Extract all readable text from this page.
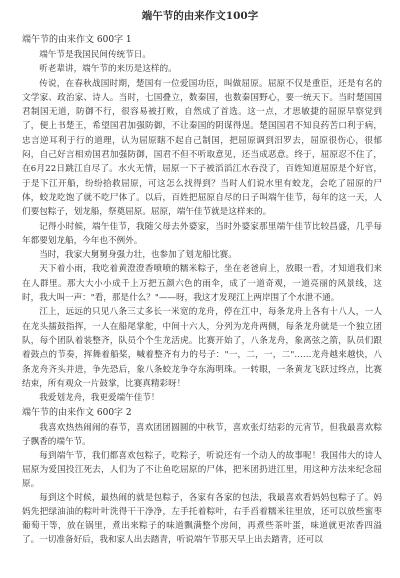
端午节的由来作文100字
端午节的由来作文 600字 1

端午节是我国民间传统节日。

听老辈讲，端午节的来历是这样的。

传说，在春秋战国时期，楚国有一位爱国功臣，叫做屈原。屈原不仅是重臣，还是有名的文学家、政治家、诗人。当时，七国叠立，数秦国，也数秦国野心，要一统天下。当时楚国国君制国无道，防御不行，很容易被打败，自然成了首选。这一点，才思敏捷的屈原早察觉到了，便上书楚王，希望国君加强防御，不让秦国的阴谋得逞。楚国国君不知良药苦口利于病，忠言逆耳利于行的道理，认为屈原瞎不起自己制国，把屈原调到汨罗去，屈原很伤心，很郁闷，自己好言相劝国君加强防御，国君不但不听取意见，还当成恶意。终于，屈原忍不住了，在6月22日跳江自尽了。水火无情，屈原一下子被滔滔江水吞没了，百姓知道屈原是个好官，于是下江开船，纷纷拾救屈原，可这怎么找得到？当时人们说水里有蛟龙，会吃了屈原的尸体，蛟龙吃饱了就不吃尸体了。以后，百姓把屈原自尽的日子叫端午佳节，每年的这一天，人们要包粽子，划龙船，祭奠屈原。屈原，端午佳节就是这样来的。

记得小时候，端午佳节，我随父母去外婆家，当时外婆家那里端午佳节比较昌盛，几乎每年都要划龙船，今年也不例外。

当时，我家大舅舅身强力壮，也参加了划龙船比赛。

天下着小雨，我吃着黄澄澄香喷喷的糯米粽子，坐在老爸肩上，放眼一看，才知道我们来在人群里。那大大小小成千上万把五颜六色的雨伞，成了一道奇观，一道亮丽的风景线，这时，我大叫一声："看，那是什么？"——呀，我这才发现江上两岸围了个水泄不通。

江上，远远的只见八条三丈多长一米宽的龙舟，停在江中，每条龙舟上各有十八人，一人在龙头擂鼓指挥，一人在船尾掌舵，中间十六人，分列为龙舟两侧，每条龙舟就是一个独立团队，每个团队着装整齐，队员个个生龙活虎。比赛开始了，八条龙舟，象离弦之箭，队员们跟着鼓点的节奏，挥舞着船桨，喊着整齐有力的号子："一，二，一，二"……龙舟越来越快，八条龙舟齐头并进，争先恐后，象八条蛟龙争夺东海明珠。一转眼，一条黄龙飞跃过终点，比赛结束，所有观众一片鼓掌，比赛真精彩呀！

我爱划龙舟，我更爱端午佳节！

端午节的由来作文 600字 2

我喜欢热热闹闹的春节，喜欢团团圆圆的中秋节，喜欢张灯结彩的元宵节，但我最喜欢粽子飘香的端午节。

每到端午节，我们都喜欢包粽子，吃粽子，听说还有一个动人的故事呢！我国伟大的诗人屈原为爱国投江死去，人们为了不让鱼吃屈原的尸体，把米团扔进江里，用这种方法来纪念屈原。

每到这个时候，最热闹的就是包粽子，各家有各家的包法，我最喜欢看妈妈包粽子了。妈妈先把绿油油的粽叶叶洗得干干净净，左手托着粽叶，右手舀着糯米往里放，还可以放些蜜枣葡萄干等，放在锅里，煮出来粽子的味道飘满整个房间，再煮些茶叶蛋，味道就更浓香四溢了。一切准备好后，我和家人出去踏青，听说端午节那天早上出去踏青，还可以
